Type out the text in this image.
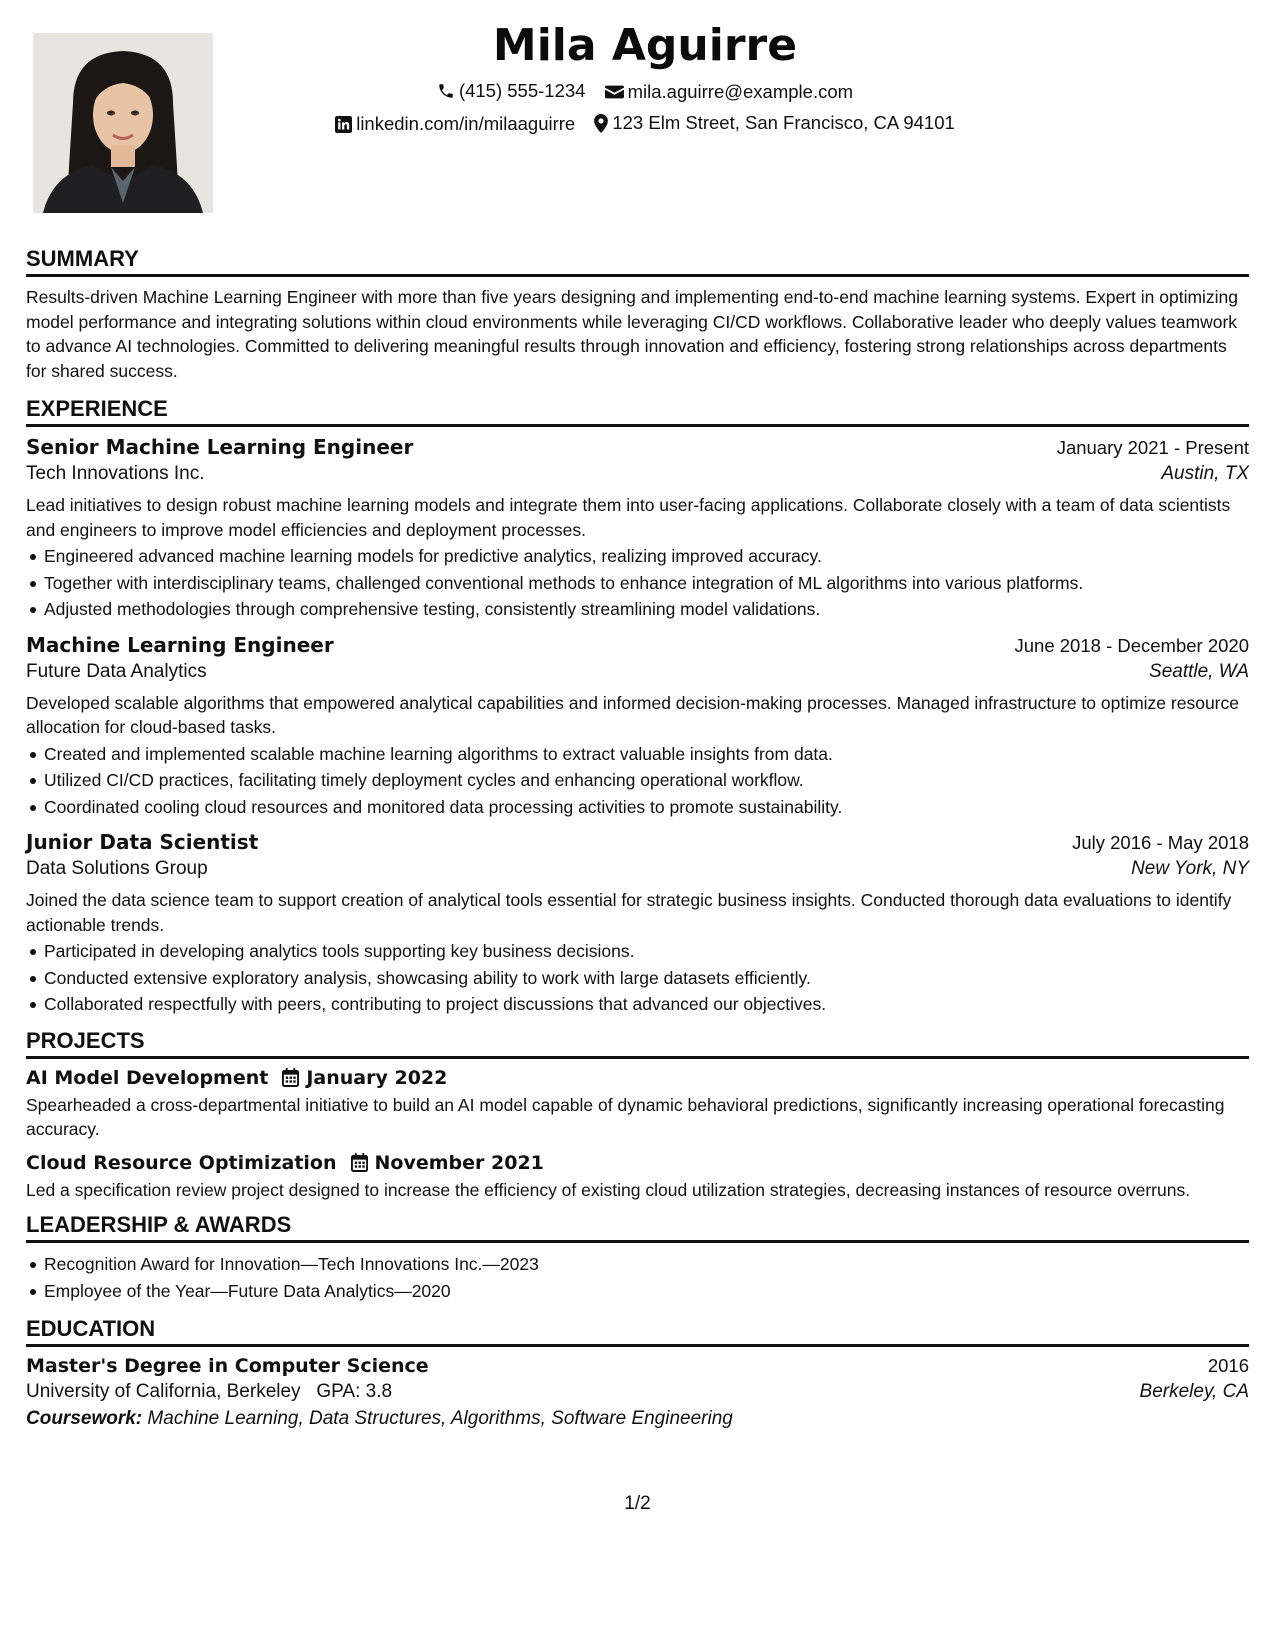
Mila Aguirre
(415) 555-1234
mila.aguirre@example.com
linkedin.com/in/milaaguirre
123 Elm Street, San Francisco, CA 94101
SUMMARY

Results-driven Machine Learning Engineer with more than five years designing and implementing end-to-end machine learning systems. Expert in optimizing model performance and integrating solutions within cloud environments while leveraging CI/CD workflows. Collaborative leader who deeply values teamwork to advance AI technologies. Committed to delivering meaningful results through innovation and efficiency, fostering strong relationships across departments for shared success.

EXPERIENCE
Senior Machine Learning Engineer	January 2021 - Present
Tech Innovations Inc.	Austin, TX

Lead initiatives to design robust machine learning models and integrate them into user-facing applications. Collaborate closely with a team of data scientists and engineers to improve model efficiencies and deployment processes.

Engineered advanced machine learning models for predictive analytics, realizing improved accuracy.
Together with interdisciplinary teams, challenged conventional methods to enhance integration of ML algorithms into various platforms.
Adjusted methodologies through comprehensive testing, consistently streamlining model validations.
Machine Learning Engineer	June 2018 - December 2020
Future Data Analytics	Seattle, WA

Developed scalable algorithms that empowered analytical capabilities and informed decision-making processes. Managed infrastructure to optimize resource allocation for cloud-based tasks.

Created and implemented scalable machine learning algorithms to extract valuable insights from data.
Utilized CI/CD practices, facilitating timely deployment cycles and enhancing operational workflow.
Coordinated cooling cloud resources and monitored data processing activities to promote sustainability.
Junior Data Scientist	July 2016 - May 2018
Data Solutions Group	New York, NY

Joined the data science team to support creation of analytical tools essential for strategic business insights. Conducted thorough data evaluations to identify actionable trends.

Participated in developing analytics tools supporting key business decisions.
Conducted extensive exploratory analysis, showcasing ability to work with large datasets efficiently.
Collaborated respectfully with peers, contributing to project discussions that advanced our objectives.
PROJECTS
AI Model Development January 2022

Spearheaded a cross-departmental initiative to build an AI model capable of dynamic behavioral predictions, significantly increasing operational forecasting accuracy.

Cloud Resource Optimization November 2021

Led a specification review project designed to increase the efficiency of existing cloud utilization strategies, decreasing instances of resource overruns.

LEADERSHIP & AWARDS
Recognition Award for Innovation—Tech Innovations Inc.—2023
Employee of the Year—Future Data Analytics—2020
EDUCATION
Master's Degree in Computer Science	2016
University of California, Berkeley GPA: 3.8	Berkeley, CA
Coursework: Machine Learning, Data Structures, Algorithms, Software Engineering
1/2
